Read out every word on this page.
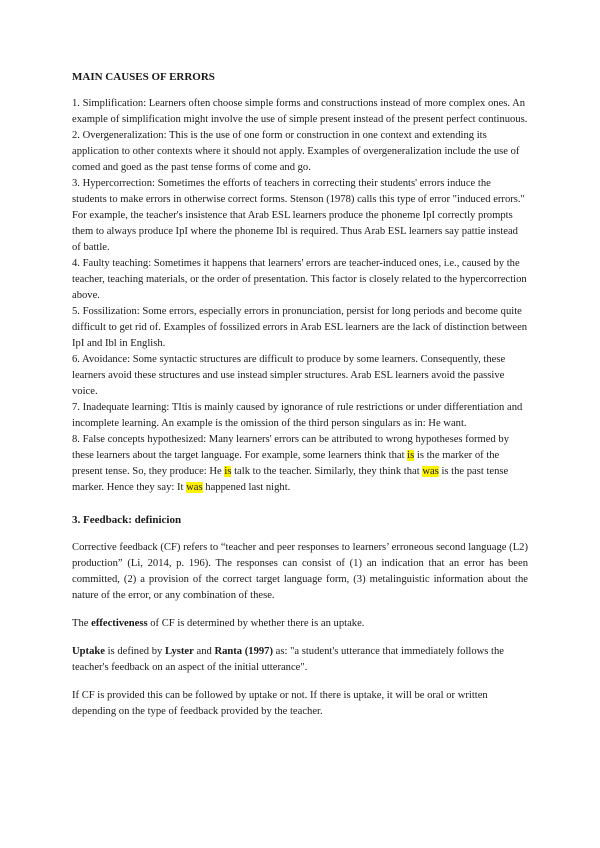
MAIN CAUSES OF ERRORS

1. Simplification: Learners often choose simple forms and constructions instead of more complex ones. An example of simplification might involve the use of simple present instead of the present perfect continuous.

2. Overgeneralization: This is the use of one form or construction in one context and extending its application to other contexts where it should not apply. Examples of overgeneralization include the use of comed and goed as the past tense forms of come and go.

3. Hypercorrection: Sometimes the efforts of teachers in correcting their students' errors induce the students to make errors in otherwise correct forms. Stenson (1978) calls this type of error "induced errors." For example, the teacher's insistence that Arab ESL learners produce the phoneme IpI correctly prompts them to always produce IpI where the phoneme Ibl is required. Thus Arab ESL learners say pattie instead of battle.

4. Faulty teaching: Sometimes it happens that learners' errors are teacher-induced ones, i.e., caused by the teacher, teaching materials, or the order of presentation. This factor is closely related to the hypercorrection above.

5. Fossilization: Some errors, especially errors in pronunciation, persist for long periods and become quite difficult to get rid of. Examples of fossilized errors in Arab ESL learners are the lack of distinction between IpI and Ibl in English.

6. Avoidance: Some syntactic structures are difficult to produce by some learners. Consequently, these learners avoid these structures and use instead simpler structures. Arab ESL learners avoid the passive voice.

7. Inadequate learning: TItis is mainly caused by ignorance of rule restrictions or under differentiation and incomplete learning. An example is the omission of the third person singulars as in: He want.

8. False concepts hypothesized: Many learners' errors can be attributed to wrong hypotheses formed by these learners about the target language. For example, some learners think that is is the marker of the present tense. So, they produce: He is talk to the teacher. Similarly, they think that was is the past tense marker. Hence they say: It was happened last night.

3. Feedback: definicion

Corrective feedback (CF) refers to “teacher and peer responses to learners’ erroneous second language (L2) production” (Li, 2014, p. 196). The responses can consist of (1) an indication that an error has been committed, (2) a provision of the correct target language form, (3) metalinguistic information about the nature of the error, or any combination of these.

The effectiveness of CF is determined by whether there is an uptake.

Uptake is defined by Lyster and Ranta (1997) as: "a student's utterance that immediately follows the teacher's feedback on an aspect of the initial utterance".

If CF is provided this can be followed by uptake or not. If there is uptake, it will be oral or written depending on the type of feedback provided by the teacher.
